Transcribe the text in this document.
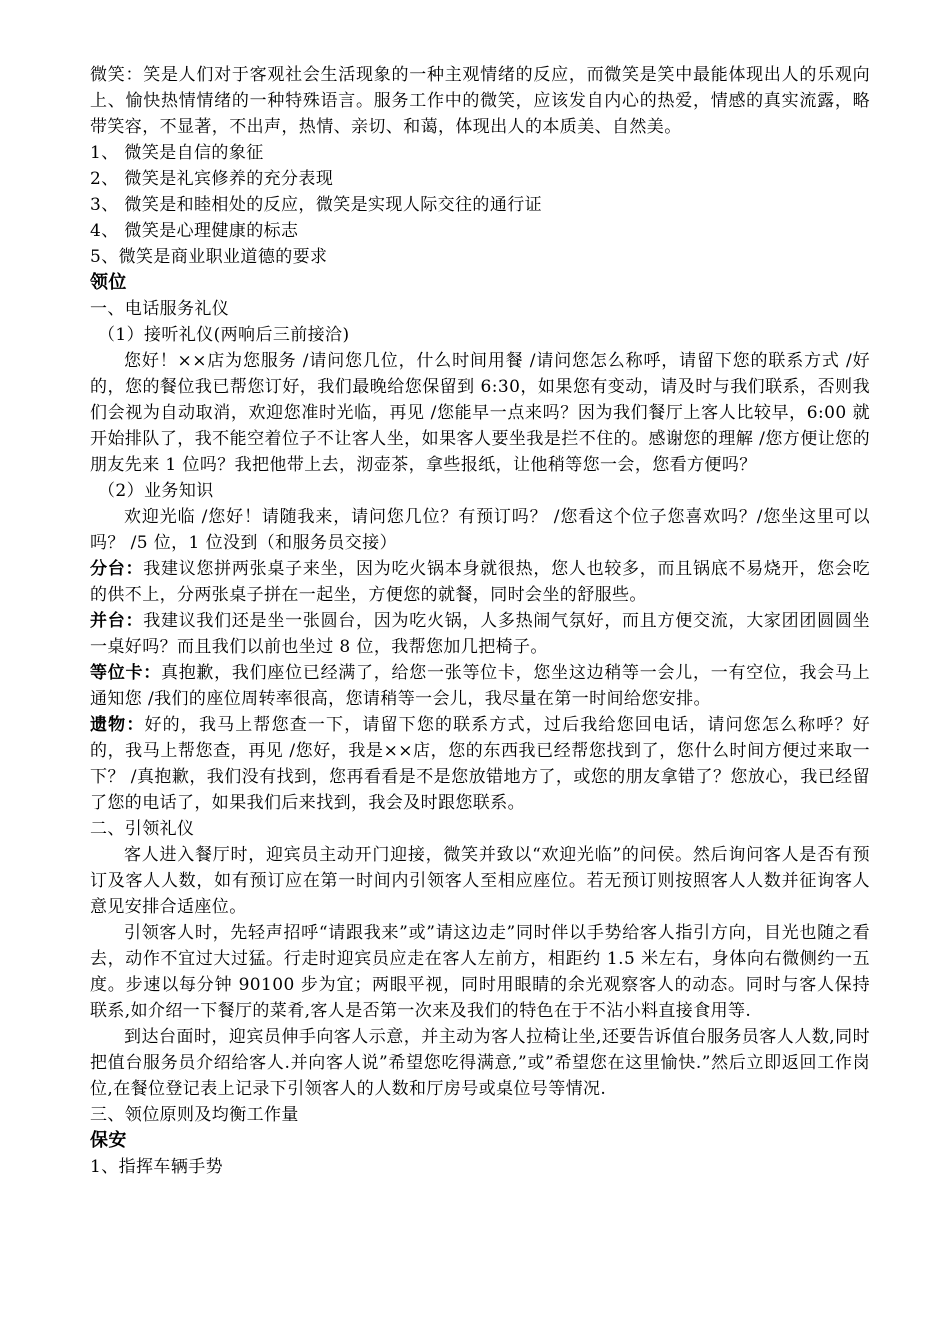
微笑：笑是人们对于客观社会生活现象的一种主观情绪的反应，而微笑是笑中最能体现出人的乐观向上、愉快热情情绪的一种特殊语言。服务工作中的微笑，应该发自内心的热爱，情感的真实流露，略带笑容，不显著，不出声，热情、亲切、和蔼，体现出人的本质美、自然美。

1、 微笑是自信的象征

2、 微笑是礼宾修养的充分表现

3、 微笑是和睦相处的反应，微笑是实现人际交往的通行证

4、 微笑是心理健康的标志

5、微笑是商业职业道德的要求

领位

一、电话服务礼仪

（1）接听礼仪(两响后三前接洽)

您好！××店为您服务 /请问您几位，什么时间用餐 /请问您怎么称呼，请留下您的联系方式 /好的，您的餐位我已帮您订好，我们最晚给您保留到 6:30，如果您有变动，请及时与我们联系，否则我们会视为自动取消，欢迎您准时光临，再见 /您能早一点来吗？因为我们餐厅上客人比较早，6:00 就开始排队了，我不能空着位子不让客人坐，如果客人要坐我是拦不住的。感谢您的理解 /您方便让您的朋友先来 1 位吗？我把他带上去，沏壶茶，拿些报纸，让他稍等您一会，您看方便吗？

（2）业务知识

欢迎光临 /您好！请随我来，请问您几位？有预订吗？ /您看这个位子您喜欢吗？/您坐这里可以吗？ /5 位，1 位没到（和服务员交接）

分台：我建议您拼两张桌子来坐，因为吃火锅本身就很热，您人也较多，而且锅底不易烧开，您会吃的供不上，分两张桌子拼在一起坐，方便您的就餐，同时会坐的舒服些。

并台：我建议我们还是坐一张圆台，因为吃火锅，人多热闹气氛好，而且方便交流，大家团团圆圆坐一桌好吗？而且我们以前也坐过 8 位，我帮您加几把椅子。

等位卡：真抱歉，我们座位已经满了，给您一张等位卡，您坐这边稍等一会儿，一有空位，我会马上通知您 /我们的座位周转率很高，您请稍等一会儿，我尽量在第一时间给您安排。

遗物：好的，我马上帮您查一下，请留下您的联系方式，过后我给您回电话，请问您怎么称呼？好的，我马上帮您查，再见 /您好，我是××店，您的东西我已经帮您找到了，您什么时间方便过来取一下？ /真抱歉，我们没有找到，您再看看是不是您放错地方了，或您的朋友拿错了？您放心，我已经留了您的电话了，如果我们后来找到，我会及时跟您联系。

二、引领礼仪

客人进入餐厅时，迎宾员主动开门迎接，微笑并致以“欢迎光临”的问侯。然后询问客人是否有预订及客人人数，如有预订应在第一时间内引领客人至相应座位。若无预订则按照客人人数并征询客人意见安排合适座位。

引领客人时，先轻声招呼“请跟我来”或”请这边走”同时伴以手势给客人指引方向，目光也随之看去，动作不宜过大过猛。行走时迎宾员应走在客人左前方，相距约 1.5 米左右，身体向右微侧约一五度。步速以每分钟 90100 步为宜；两眼平视，同时用眼睛的余光观察客人的动态。同时与客人保持联系,如介绍一下餐厅的菜肴,客人是否第一次来及我们的特色在于不沾小料直接食用等.

到达台面时，迎宾员伸手向客人示意，并主动为客人拉椅让坐,还要告诉值台服务员客人人数,同时把值台服务员介绍给客人.并向客人说”希望您吃得满意,”或”希望您在这里愉快.”然后立即返回工作岗位,在餐位登记表上记录下引领客人的人数和厅房号或桌位号等情况.

三、领位原则及均衡工作量

保安

1、指挥车辆手势
